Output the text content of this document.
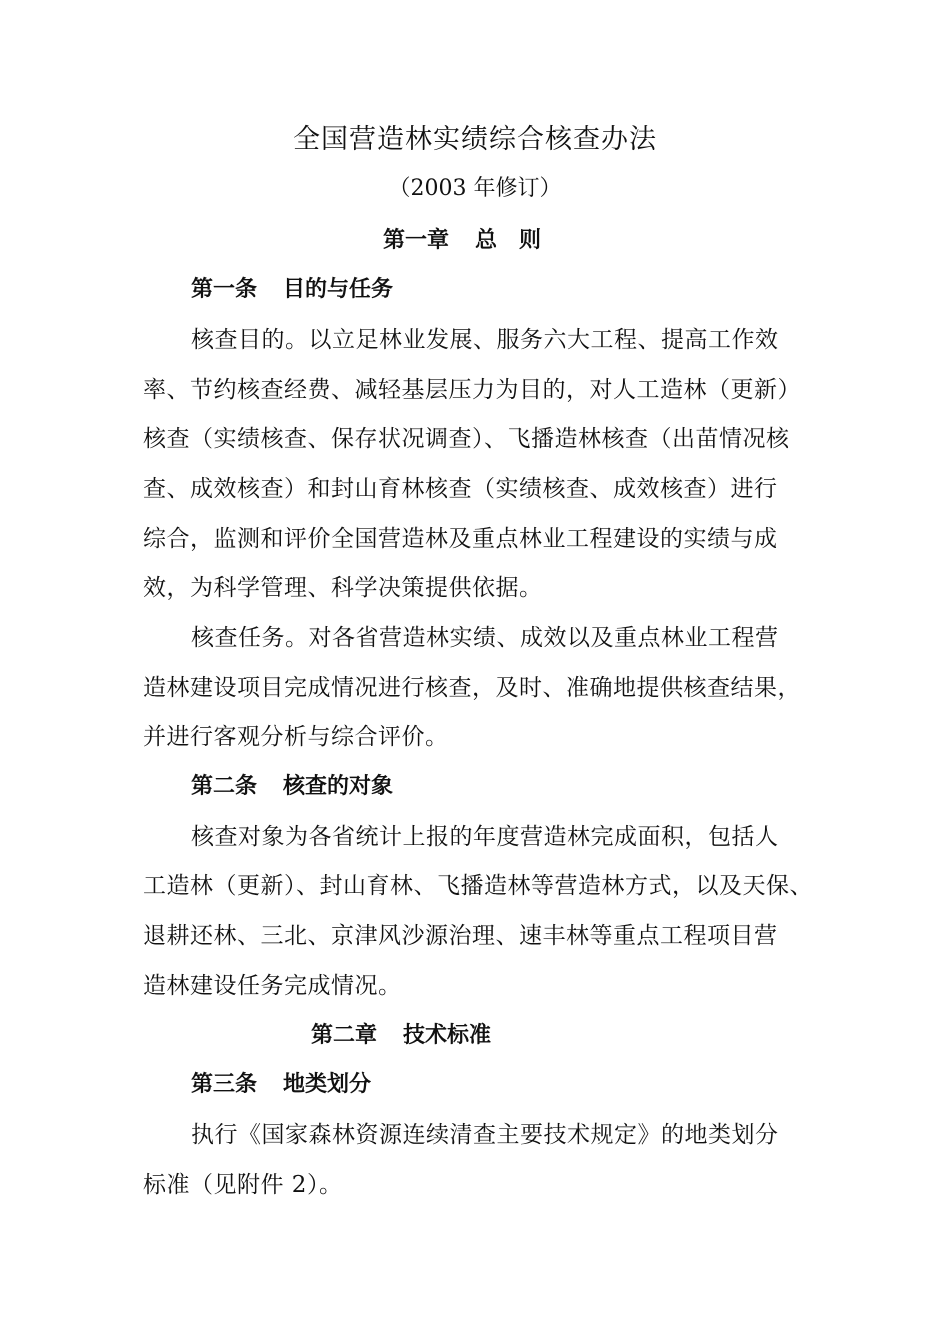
全国营造林实绩综合核查办法
（2003 年修订）
第一章 总　则
第一条 目的与任务
核查目的。以立足林业发展、服务六大工程、提高工作效
率、节约核查经费、减轻基层压力为目的，对人工造林（更新）
核查（实绩核查、保存状况调查）、飞播造林核查（出苗情况核
查、成效核查）和封山育林核查（实绩核查、成效核查）进行
综合，监测和评价全国营造林及重点林业工程建设的实绩与成
效，为科学管理、科学决策提供依据。
核查任务。对各省营造林实绩、成效以及重点林业工程营
造林建设项目完成情况进行核查，及时、准确地提供核查结果，
并进行客观分析与综合评价。
第二条 核查的对象
核查对象为各省统计上报的年度营造林完成面积，包括人
工造林（更新）、封山育林、飞播造林等营造林方式，以及天保、
退耕还林、三北、京津风沙源治理、速丰林等重点工程项目营
造林建设任务完成情况。
第二章 技术标准
第三条 地类划分
执行《国家森林资源连续清查主要技术规定》的地类划分
标准（见附件 2）。
